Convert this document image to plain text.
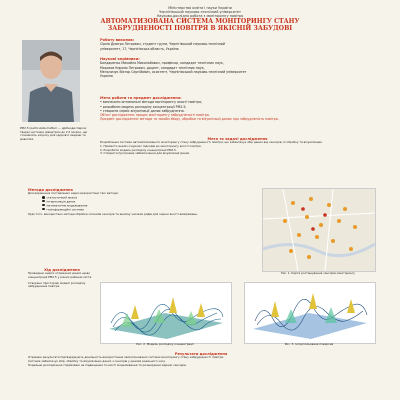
Міністерство освіти і науки України
Чернігівський науково-технічний університет
Науково-дослідна робота з моніторингу повітря
АВТОМАТИЗОВАНА СИСТЕМА МОНІТОРИНГУ СТАНУ
ЗАБРУДНЕНОСТІ ПОВІТРЯ В ЯКІСНІЙ ЗАБУДОВІ
Роботу виконав:
Сірків Дмитро Петрович, студент групи, Чернігівський науково-технічний
університет, 17, Чернігівська область, Україна
Наукові керівники:
Бондаренко Михайло Миколайович, професор, кандидат технічних наук,
Морозов Кирило Петрович, доцент, кандидат технічних наук,
Мельничук Віктор Сергійович, асистент, Чернігівський науково-технічний університет
Україна
Мета роботи та предмет дослідження:
• визначити оптимальні методи моніторингу якості повітря;
• розробити модель розподілу концентрації PM2.5;
• створити сервіс візуалізації даних забруднення.
Об'єкт дослідження: процес моніторингу забрудненості повітря.
Предмет дослідження: методи та засоби збору, обробки та візуалізації даних про забрудненість повітря.
PM2.5 (particulate matter) — дрібнодисперсні тверді частинки діаметром до 2,5 мікрон, що становлять загрозу для здоров'я людини та довкілля.	Мета та задачі дослідження
Розроблення системи автоматизованого моніторингу стану забрудненості повітря, що забезпечує збір даних від сенсорів, їх обробку та візуалізацію.
1. Провести аналіз існуючих підходів до моніторингу якості повітря.
2. Розробити модель розподілу концентрації PM2.5.
3. Створити програмне забезпечення для візуалізації даних.
Методи дослідження
Для вирішення поставлених задач використано такі методи:
статистичний аналіз
інтерполяція даних
математичне моделювання
геоінформаційні системи
Крім того, використано методи обробки сигналів сенсорів та аналізу часових рядів для оцінки якості вимірювань.
Рис. 1. Карта розташування сенсорів моніторингу
Хід дослідження
Проведено аналіз отриманих даних щодо концентрації PM2.5 у різних районах міста.
Створено просторові моделі розподілу забруднення повітря.
Рис. 2. Модель розподілу концентрації	Рис. 3. Інтерпольована поверхня
Результати дослідження
Отримані результати підтверджують доцільність використання запропонованої системи моніторингу стану забрудненості повітря.
Система забезпечує збір, обробку та візуалізацію даних з сенсорів у режимі реального часу.
Подальші дослідження спрямовані на підвищення точності моделювання та розширення мережі сенсорів.
